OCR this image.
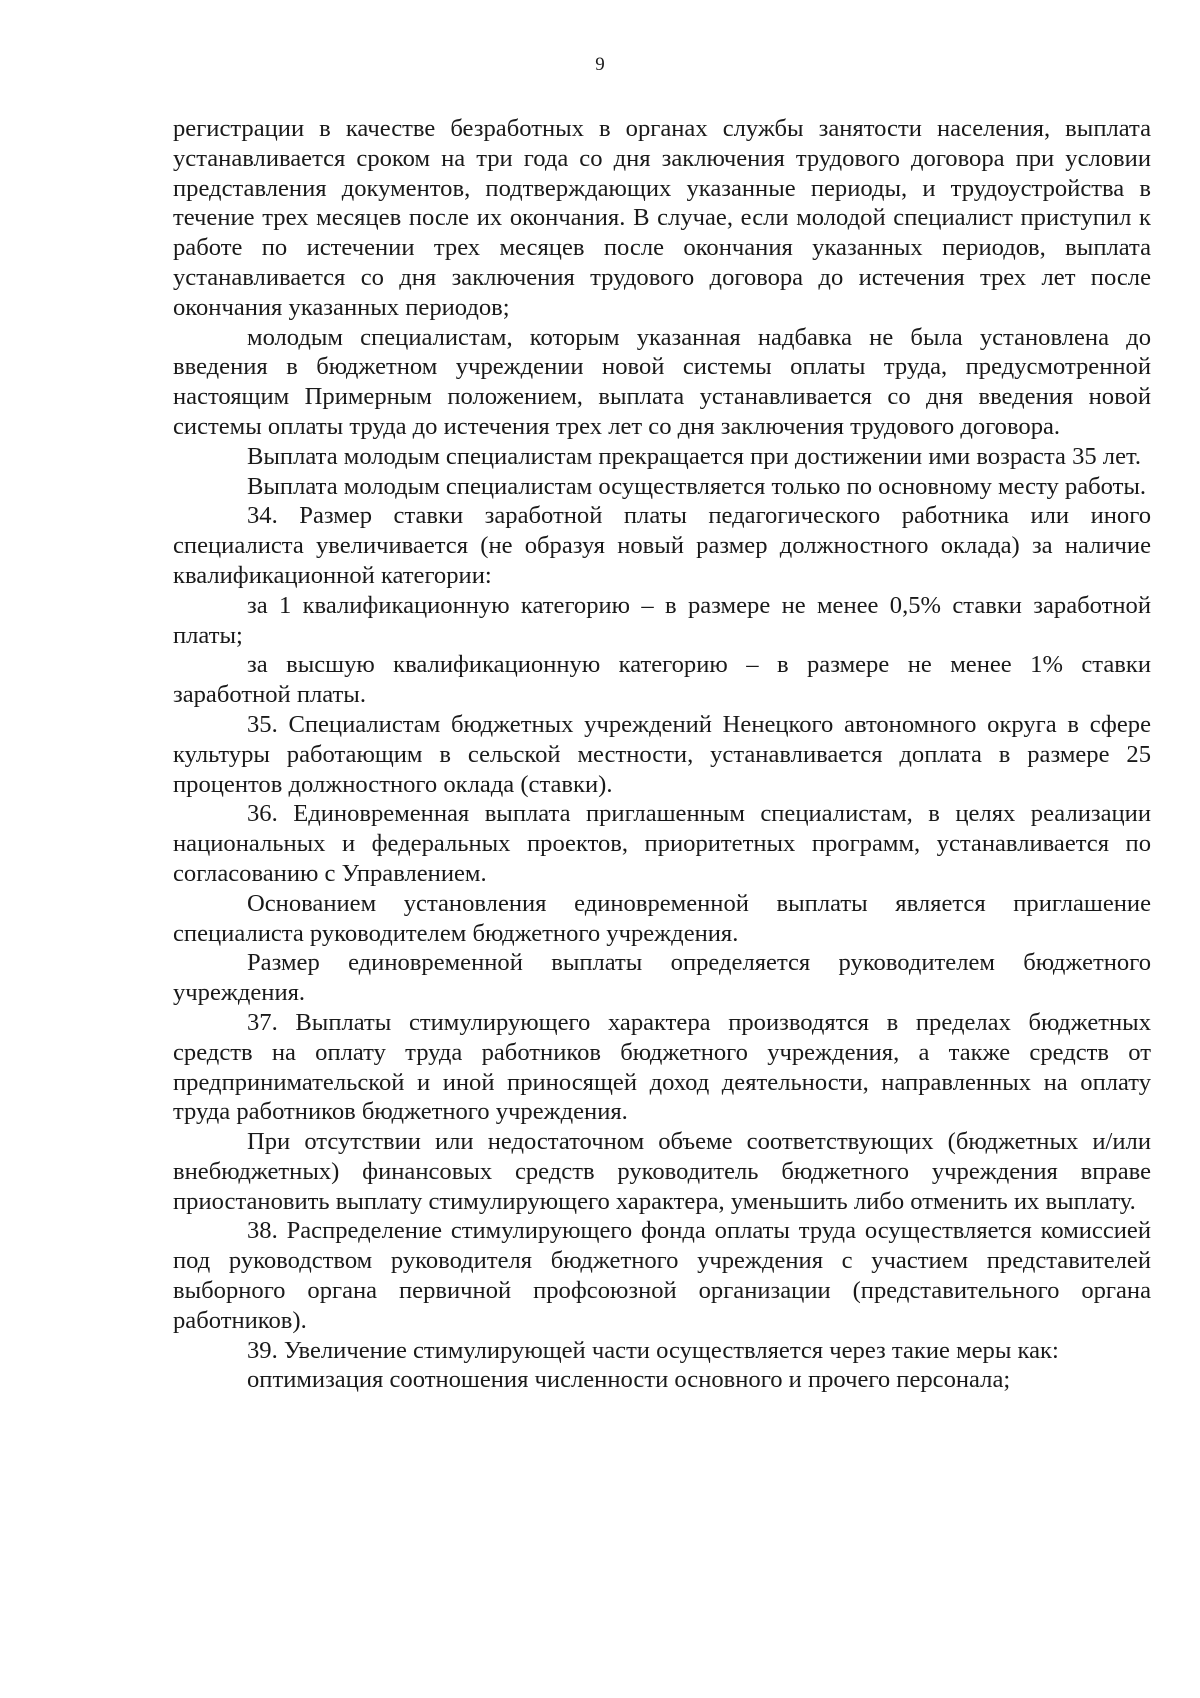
9

регистрации в качестве безработных в органах службы занятости населения, выплата устанавливается сроком на три года со дня заключения трудового договора при условии представления документов, подтверждающих указанные периоды, и трудоустройства в течение трех месяцев после их окончания. В случае, если молодой специалист приступил к работе по истечении трех месяцев после окончания указанных периодов, выплата устанавливается со дня заключения трудового договора до истечения трех лет после окончания указанных периодов;

молодым специалистам, которым указанная надбавка не была установлена до введения в бюджетном учреждении новой системы оплаты труда, предусмотренной настоящим Примерным положением, выплата устанавливается со дня введения новой системы оплаты труда до истечения трех лет со дня заключения трудового договора.

Выплата молодым специалистам прекращается при достижении ими возраста 35 лет.

Выплата молодым специалистам осуществляется только по основному месту работы.

34. Размер ставки заработной платы педагогического работника или иного специалиста увеличивается (не образуя новый размер должностного оклада) за наличие квалификационной категории:

за 1 квалификационную категорию – в размере не менее 0,5% ставки заработной платы;

за высшую квалификационную категорию – в размере не менее 1% ставки заработной платы.

35. Специалистам бюджетных учреждений Ненецкого автономного округа в сфере культуры работающим в сельской местности, устанавливается доплата в размере 25 процентов должностного оклада (ставки).

36. Единовременная выплата приглашенным специалистам, в целях реализации национальных и федеральных проектов, приоритетных программ, устанавливается по согласованию с Управлением.

Основанием установления единовременной выплаты является приглашение специалиста руководителем бюджетного учреждения.

Размер единовременной выплаты определяется руководителем бюджетного учреждения.

37. Выплаты стимулирующего характера производятся в пределах бюджетных средств на оплату труда работников бюджетного учреждения, а также средств от предпринимательской и иной приносящей доход деятельности, направленных на оплату труда работников бюджетного учреждения.

При отсутствии или недостаточном объеме соответствующих (бюджетных и/или внебюджетных) финансовых средств руководитель бюджетного учреждения вправе приостановить выплату стимулирующего характера, уменьшить либо отменить их выплату.

38. Распределение стимулирующего фонда оплаты труда осуществляется комиссией под руководством руководителя бюджетного учреждения с участием представителей выборного органа первичной профсоюзной организации (представительного органа работников).

39. Увеличение стимулирующей части осуществляется через такие меры как:

оптимизация соотношения численности основного и прочего персонала;
